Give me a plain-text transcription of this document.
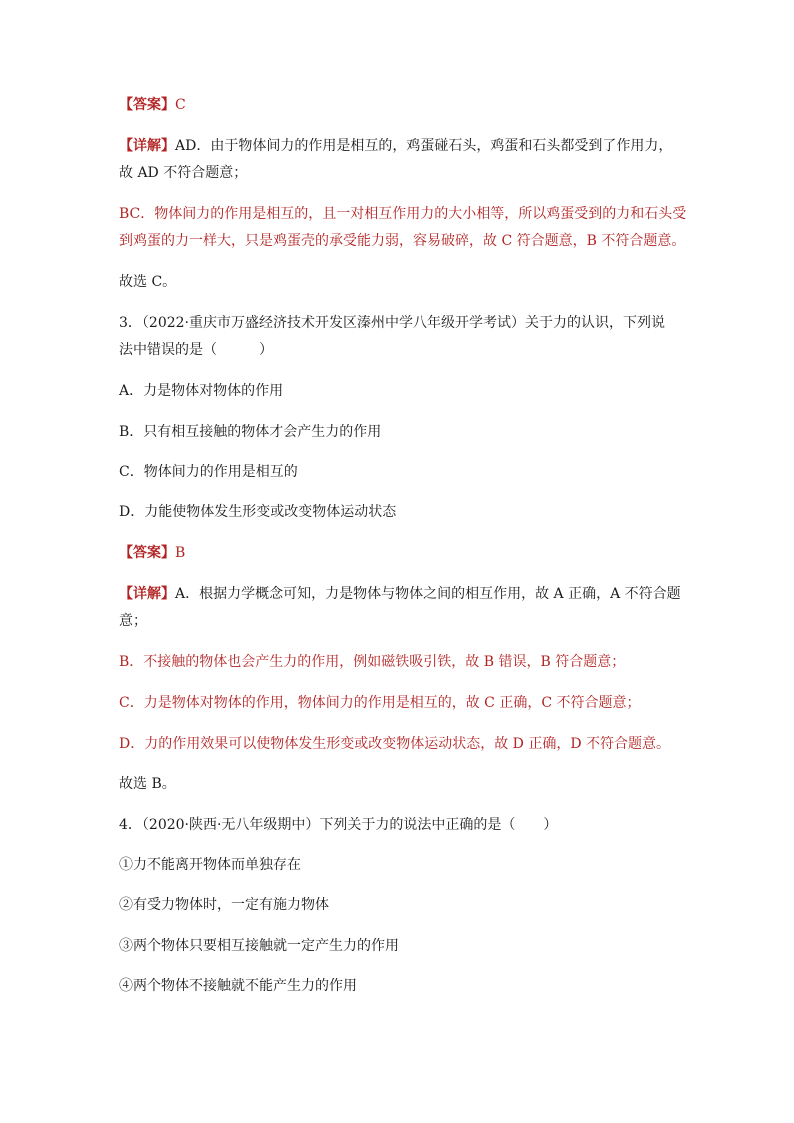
【答案】C
【详解】AD．由于物体间力的作用是相互的，鸡蛋碰石头，鸡蛋和石头都受到了作用力，
故 AD 不符合题意；
BC．物体间力的作用是相互的，且一对相互作用力的大小相等，所以鸡蛋受到的力和石头受
到鸡蛋的力一样大，只是鸡蛋壳的承受能力弱，容易破碎，故 C 符合题意，B 不符合题意。
故选 C。
3．（2022·重庆市万盛经济技术开发区溱州中学八年级开学考试）关于力的认识，下列说
法中错误的是（　　　）
A．力是物体对物体的作用
B．只有相互接触的物体才会产生力的作用
C．物体间力的作用是相互的
D．力能使物体发生形变或改变物体运动状态
【答案】B
【详解】A．根据力学概念可知，力是物体与物体之间的相互作用，故 A 正确，A 不符合题
意；
B．不接触的物体也会产生力的作用，例如磁铁吸引铁，故 B 错误，B 符合题意；
C．力是物体对物体的作用，物体间力的作用是相互的，故 C 正确，C 不符合题意；
D．力的作用效果可以使物体发生形变或改变物体运动状态，故 D 正确，D 不符合题意。
故选 B。
4．（2020·陕西·无八年级期中）下列关于力的说法中正确的是（　　）
①力不能离开物体而单独存在
②有受力物体时，一定有施力物体
③两个物体只要相互接触就一定产生力的作用
④两个物体不接触就不能产生力的作用
